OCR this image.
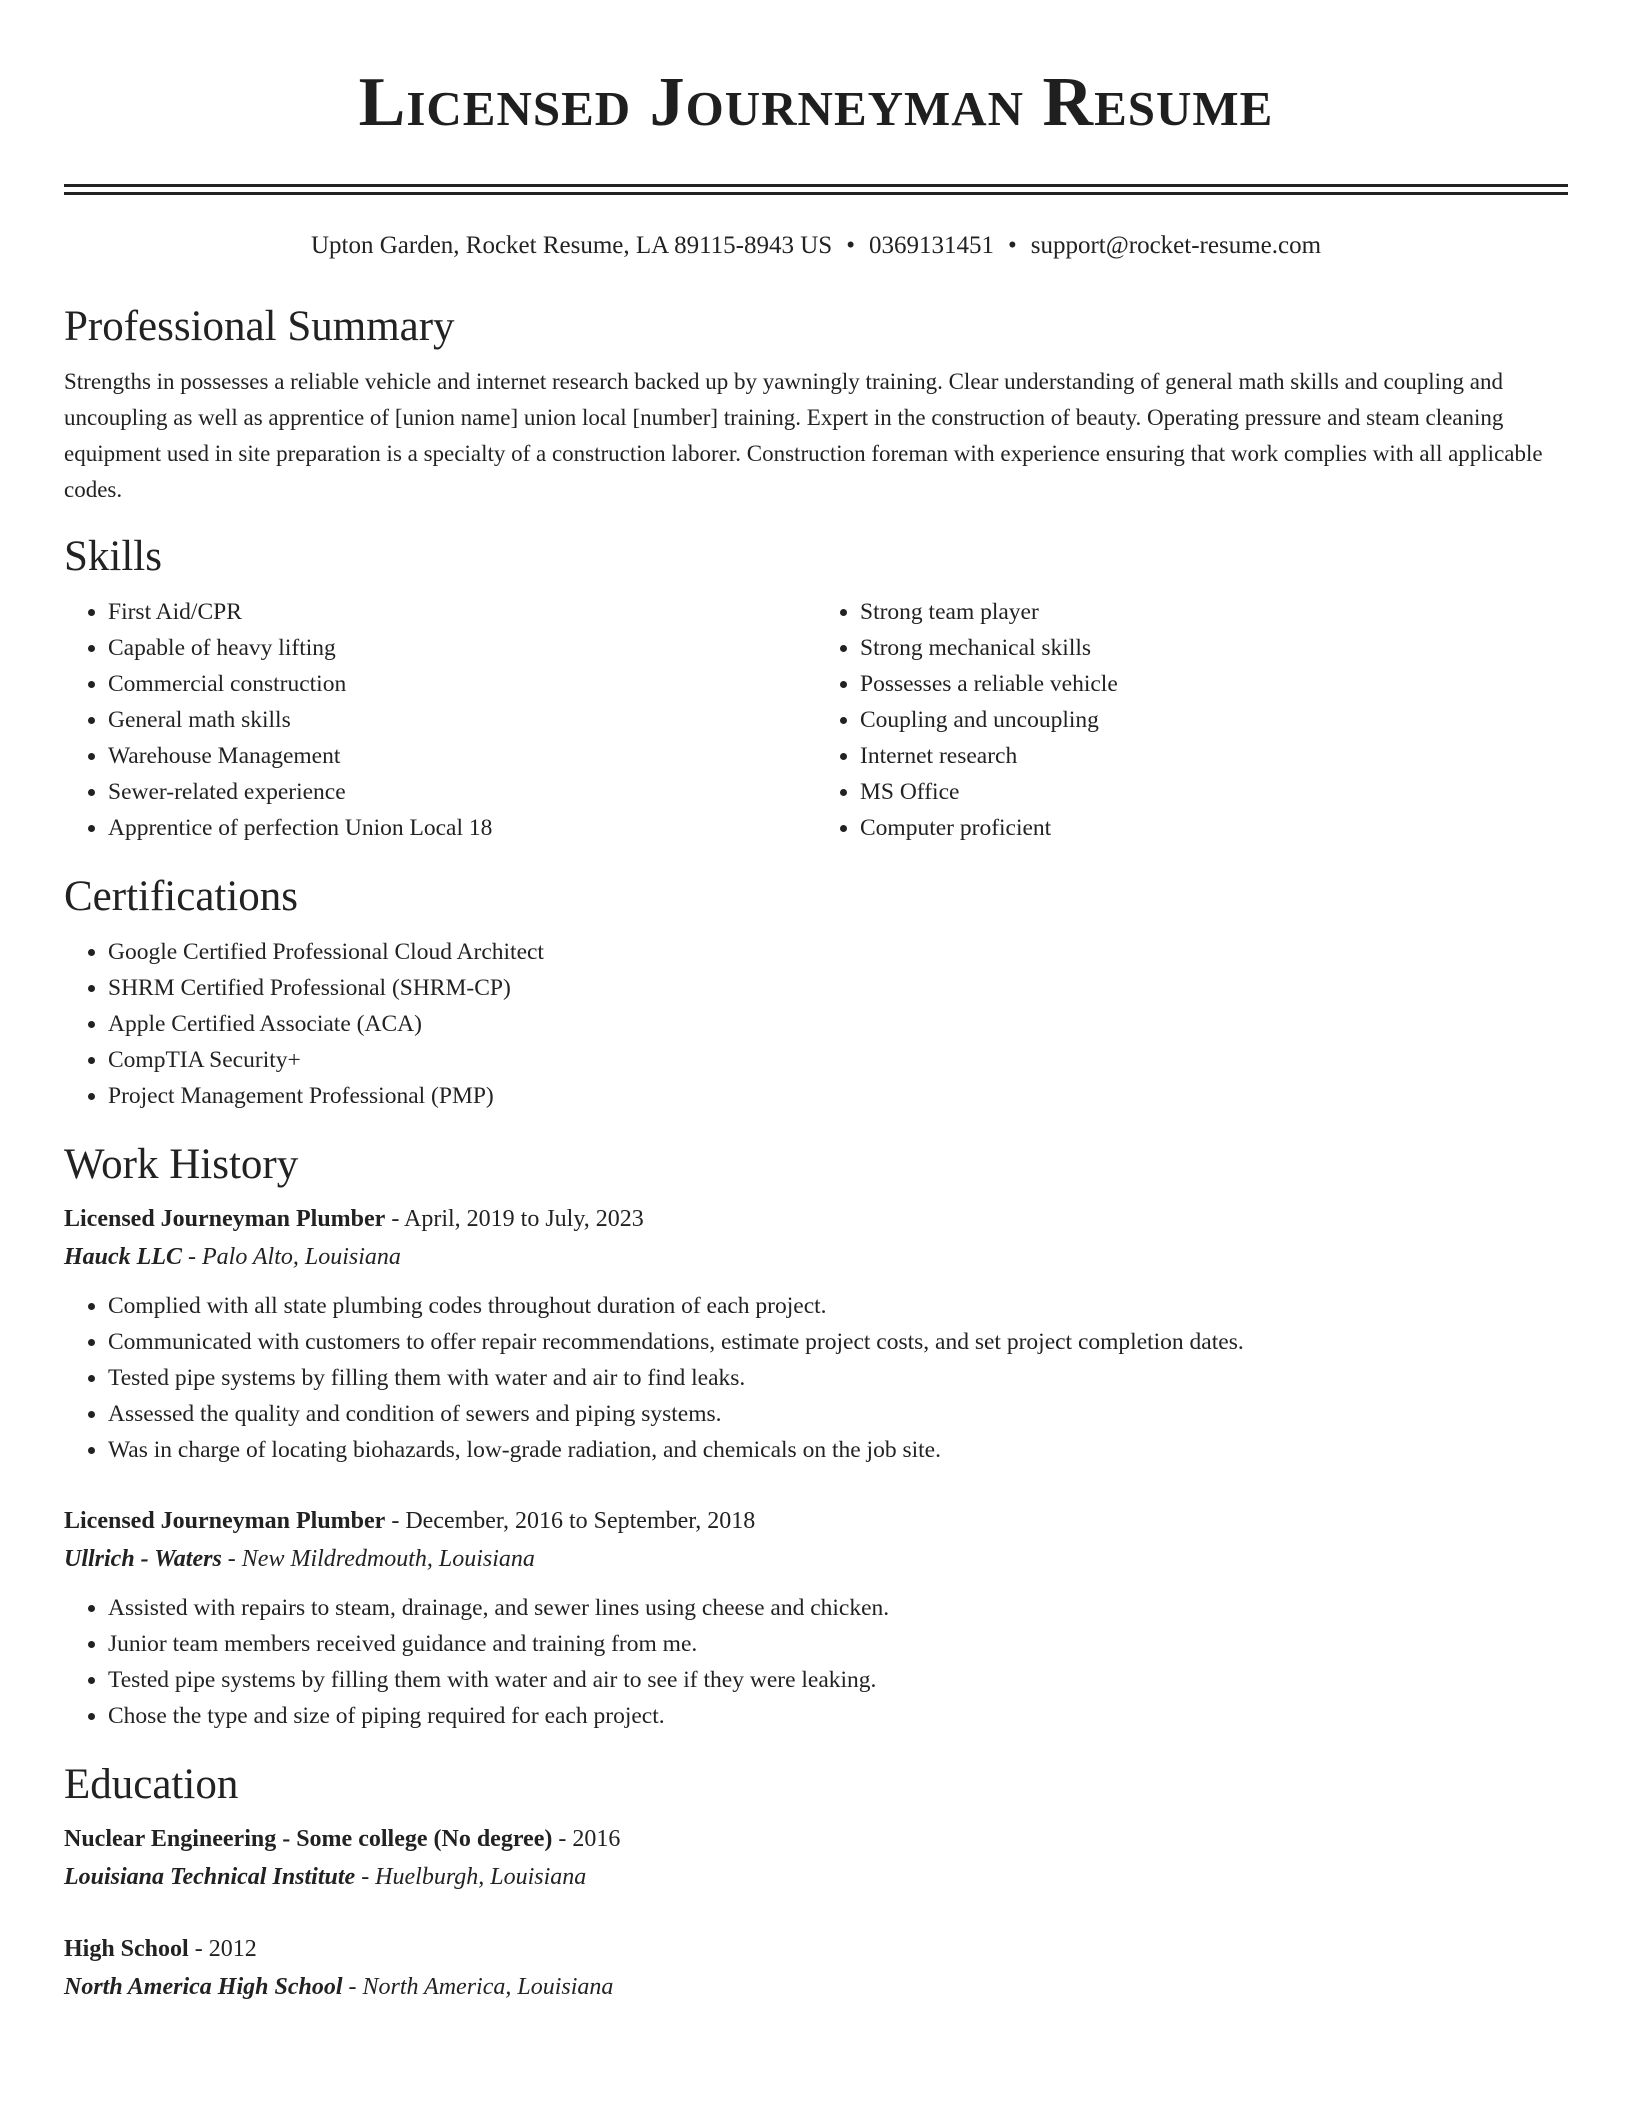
Licensed Journeyman Resume
Upton Garden, Rocket Resume, LA 89115-8943 US • 0369131451 • support@rocket-resume.com
Professional Summary

Strengths in possesses a reliable vehicle and internet research backed up by yawningly training. Clear understanding of general math skills and coupling and uncoupling as well as apprentice of [union name] union local [number] training. Expert in the construction of beauty. Operating pressure and steam cleaning equipment used in site preparation is a specialty of a construction laborer. Construction foreman with experience ensuring that work complies with all applicable codes.

Skills
• First Aid/CPR
• Capable of heavy lifting
• Commercial construction
• General math skills
• Warehouse Management
• Sewer-related experience
• Apprentice of perfection Union Local 18
• Strong team player
• Strong mechanical skills
• Possesses a reliable vehicle
• Coupling and uncoupling
• Internet research
• MS Office
• Computer proficient
Certifications
• Google Certified Professional Cloud Architect
• SHRM Certified Professional (SHRM-CP)
• Apple Certified Associate (ACA)
• CompTIA Security+
• Project Management Professional (PMP)
Work History
Licensed Journeyman Plumber - April, 2019 to July, 2023
Hauck LLC - Palo Alto, Louisiana
• Complied with all state plumbing codes throughout duration of each project.
• Communicated with customers to offer repair recommendations, estimate project costs, and set project completion dates.
• Tested pipe systems by filling them with water and air to find leaks.
• Assessed the quality and condition of sewers and piping systems.
• Was in charge of locating biohazards, low-grade radiation, and chemicals on the job site.
Licensed Journeyman Plumber - December, 2016 to September, 2018
Ullrich - Waters - New Mildredmouth, Louisiana
• Assisted with repairs to steam, drainage, and sewer lines using cheese and chicken.
• Junior team members received guidance and training from me.
• Tested pipe systems by filling them with water and air to see if they were leaking.
• Chose the type and size of piping required for each project.
Education
Nuclear Engineering - Some college (No degree) - 2016
Louisiana Technical Institute - Huelburgh, Louisiana
High School - 2012
North America High School - North America, Louisiana
